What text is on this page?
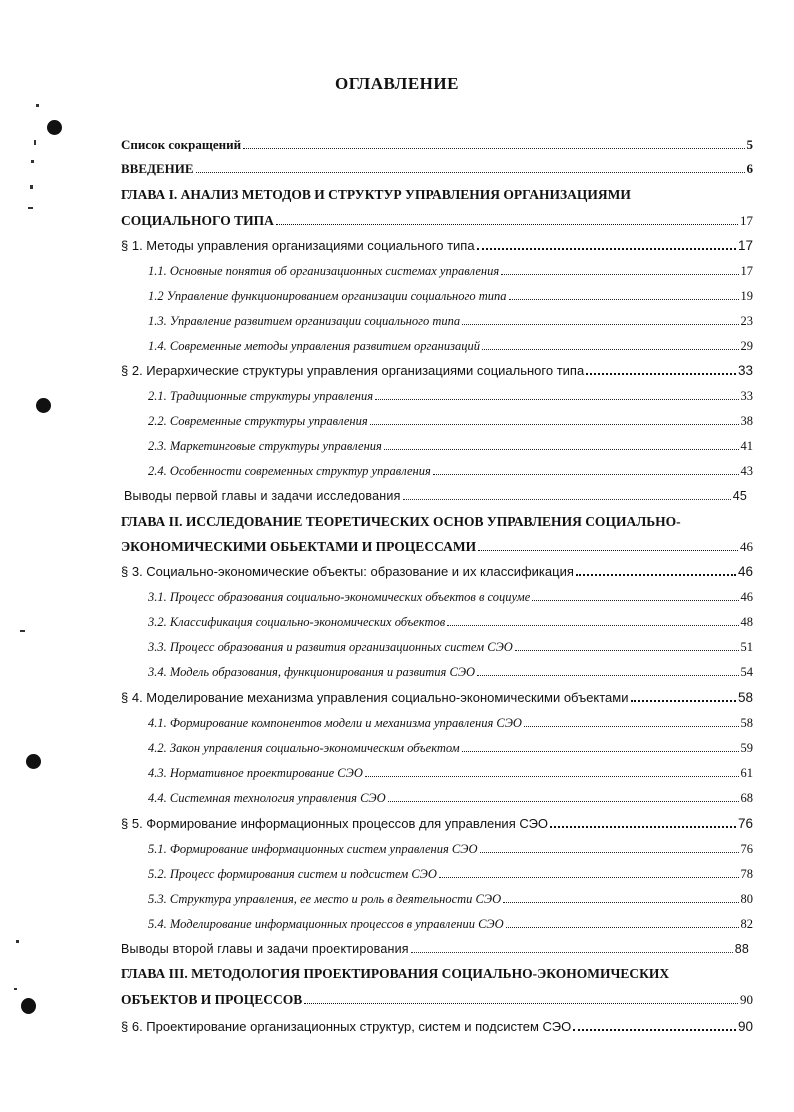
ОГЛАВЛЕНИЕ
Список сокращений	5
ВВЕДЕНИЕ	6
ГЛАВА I. АНАЛИЗ МЕТОДОВ И СТРУКТУР УПРАВЛЕНИЯ ОРГАНИЗАЦИЯМИ
СОЦИАЛЬНОГО ТИПА	17
§ 1. Методы управления организациями социального типа	17
1.1. Основные понятия об организационных системах управления	17
1.2 Управление функционированием организации социального типа	19
1.3. Управление развитием организации социального типа	23
1.4. Современные методы управления развитием организаций	29
§ 2. Иерархические структуры управления организациями социального типа	33
2.1. Традиционные структуры управления	33
2.2. Современные структуры управления	38
2.3. Маркетинговые структуры управления	41
2.4. Особенности современных структур управления	43
Выводы первой главы и задачи исследования	45
ГЛАВА II. ИССЛЕДОВАНИЕ ТЕОРЕТИЧЕСКИХ ОСНОВ УПРАВЛЕНИЯ СОЦИАЛЬНО-
ЭКОНОМИЧЕСКИМИ ОБЬЕКТАМИ И ПРОЦЕССАМИ	46
§ 3. Социально-экономические объекты: образование и их классификация	46
3.1. Процесс образования социально-экономических объектов в социуме	46
3.2. Классификация социально-экономических объектов	48
3.3. Процесс образования и развития организационных систем СЭО	51
3.4. Модель образования, функционирования и развития СЭО	54
§ 4. Моделирование механизма управления социально-экономическими объектами	58
4.1. Формирование компонентов модели и механизма управления СЭО	58
4.2. Закон управления социально-экономическим объектом	59
4.3. Нормативное проектирование СЭО	61
4.4. Системная технология управления СЭО	68
§ 5. Формирование информационных процессов для управления СЭО	76
5.1. Формирование информационных систем управления СЭО	76
5.2. Процесс формирования систем и подсистем СЭО	78
5.3. Структура управления, ее место и роль в деятельности СЭО	80
5.4. Моделирование информационных процессов в управлении СЭО	82
Выводы второй главы и задачи проектирования	88
ГЛАВА III. МЕТОДОЛОГИЯ ПРОЕКТИРОВАНИЯ СОЦИАЛЬНО-ЭКОНОМИЧЕСКИХ
ОБЪЕКТОВ И ПРОЦЕССОВ	90
§ 6. Проектирование организационных структур, систем и подсистем СЭО	90
